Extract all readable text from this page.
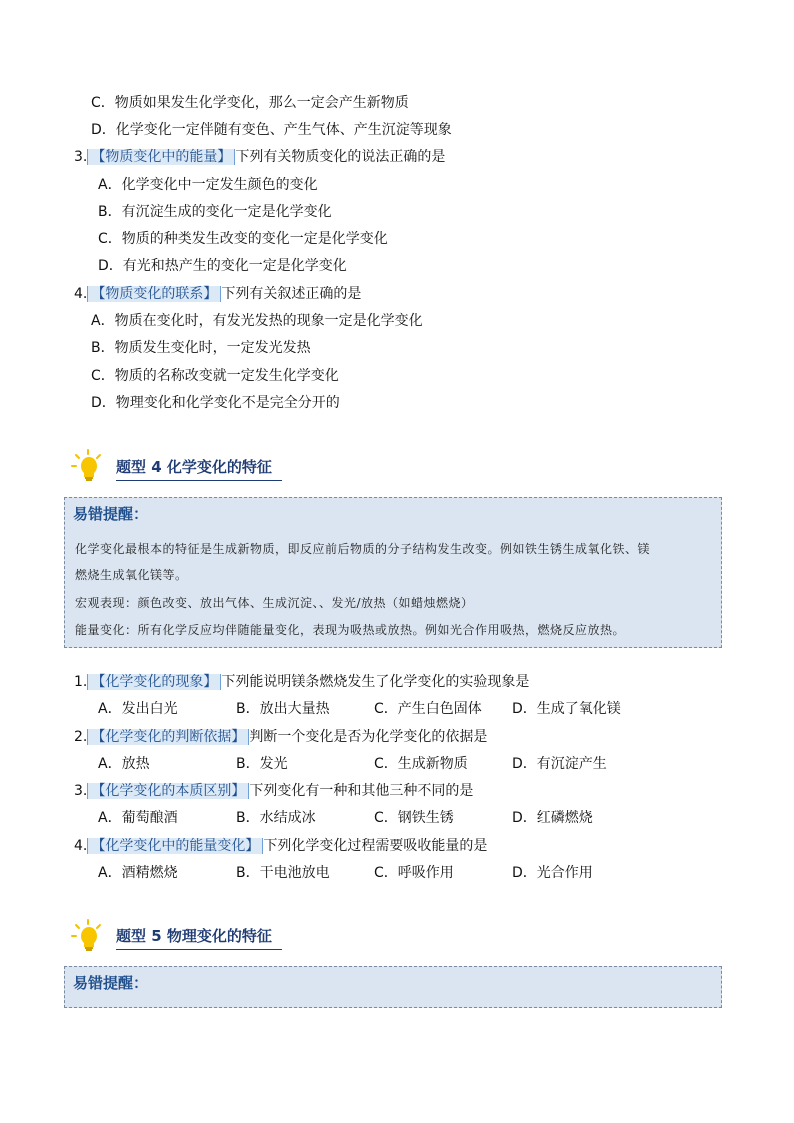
C．物质如果发生化学变化，那么一定会产生新物质
D．化学变化一定伴随有变色、产生气体、产生沉淀等现象
3. 【物质变化中的能量】 下列有关物质变化的说法正确的是
A．化学变化中一定发生颜色的变化
B．有沉淀生成的变化一定是化学变化
C．物质的种类发生改变的变化一定是化学变化
D．有光和热产生的变化一定是化学变化
4. 【物质变化的联系】 下列有关叙述正确的是
A．物质在变化时，有发光发热的现象一定是化学变化
B．物质发生变化时，一定发光发热
C．物质的名称改变就一定发生化学变化
D．物理变化和化学变化不是完全分开的
题型 4 化学变化的特征
易错提醒：
化学变化最根本的特征是生成新物质，即反应前后物质的分子结构发生改变。例如铁生锈生成氧化铁、镁
燃烧生成氧化镁等。
宏观表现：颜色改变、放出气体、生成沉淀、、发光/放热（如蜡烛燃烧）
能量变化：所有化学反应均伴随能量变化，表现为吸热或放热。例如光合作用吸热，燃烧反应放热。
1. 【化学变化的现象】 下列能说明镁条燃烧发生了化学变化的实验现象是
A．发出白光	B．放出大量热	C．产生白色固体 D．生成了氧化镁
2. 【化学变化的判断依据】 判断一个变化是否为化学变化的依据是
A．放热	B．发光	C．生成新物质	D．有沉淀产生
3. 【化学变化的本质区别】 下列变化有一种和其他三种不同的是
A．葡萄酿酒	B．水结成冰	C．钢铁生锈	D．红磷燃烧
4. 【化学变化中的能量变化】 下列化学变化过程需要吸收能量的是
A．酒精燃烧	B．干电池放电	C．呼吸作用	D．光合作用
题型 5 物理变化的特征
易错提醒：
